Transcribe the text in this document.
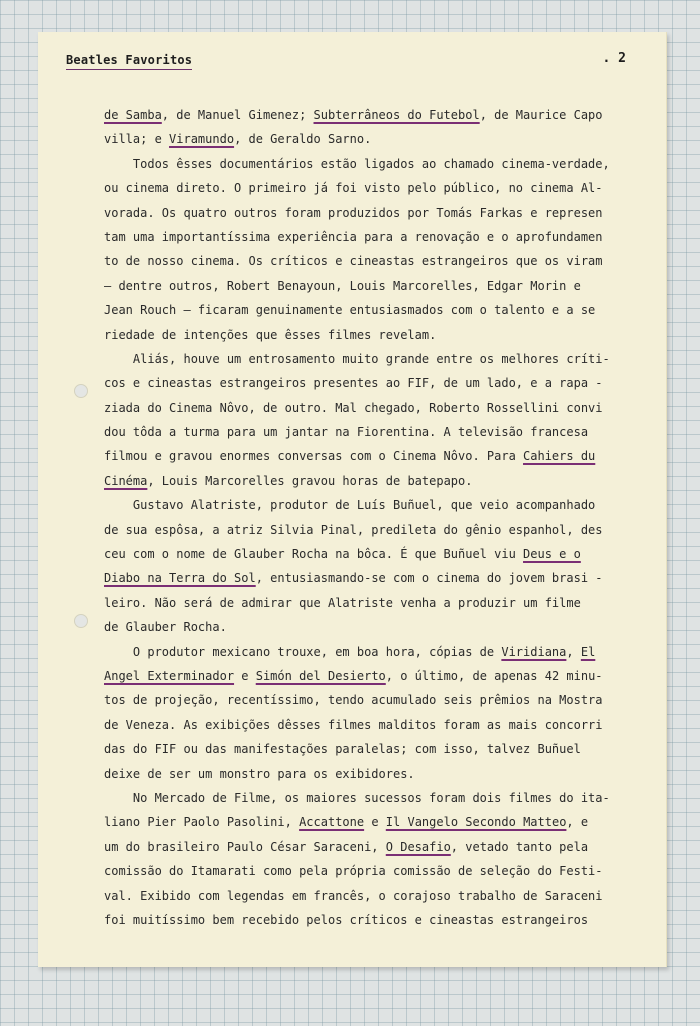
Beatles Favoritos	. 2
de Samba, de Manuel Gimenez; Subterrâneos do Futebol, de Maurice Capo
villa; e Viramundo, de Geraldo Sarno.
Todos êsses documentários estão ligados ao chamado cinema-verdade,
ou cinema direto. O primeiro já foi visto pelo público, no cinema Al-
vorada. Os quatro outros foram produzidos por Tomás Farkas e represen
tam uma importantíssima experiência para a renovação e o aprofundamen
to de nosso cinema. Os críticos e cineastas estrangeiros que os viram
— dentre outros, Robert Benayoun, Louis Marcorelles, Edgar Morin e
Jean Rouch — ficaram genuinamente entusiasmados com o talento e a se
riedade de intenções que êsses filmes revelam.
Aliás, houve um entrosamento muito grande entre os melhores críti-
cos e cineastas estrangeiros presentes ao FIF, de um lado, e a rapa -
ziada do Cinema Nôvo, de outro. Mal chegado, Roberto Rossellini convi
dou tôda a turma para um jantar na Fiorentina. A televisão francesa
filmou e gravou enormes conversas com o Cinema Nôvo. Para Cahiers du
Cinéma, Louis Marcorelles gravou horas de batepapo.
Gustavo Alatriste, produtor de Luís Buñuel, que veio acompanhado
de sua espôsa, a atriz Silvia Pinal, predileta do gênio espanhol, des
ceu com o nome de Glauber Rocha na bôca. É que Buñuel viu Deus e o
Diabo na Terra do Sol, entusiasmando-se com o cinema do jovem brasi -
leiro. Não será de admirar que Alatriste venha a produzir um filme
de Glauber Rocha.
O produtor mexicano trouxe, em boa hora, cópias de Viridiana, El
Angel Exterminador e Simón del Desierto, o último, de apenas 42 minu-
tos de projeção, recentíssimo, tendo acumulado seis prêmios na Mostra
de Veneza. As exibições dêsses filmes malditos foram as mais concorri
das do FIF ou das manifestações paralelas; com isso, talvez Buñuel
deixe de ser um monstro para os exibidores.
No Mercado de Filme, os maiores sucessos foram dois filmes do ita-
liano Pier Paolo Pasolini, Accattone e Il Vangelo Secondo Matteo, e
um do brasileiro Paulo César Saraceni, O Desafio, vetado tanto pela
comissão do Itamarati como pela própria comissão de seleção do Festi-
val. Exibido com legendas em francês, o corajoso trabalho de Saraceni
foi muitíssimo bem recebido pelos críticos e cineastas estrangeiros
